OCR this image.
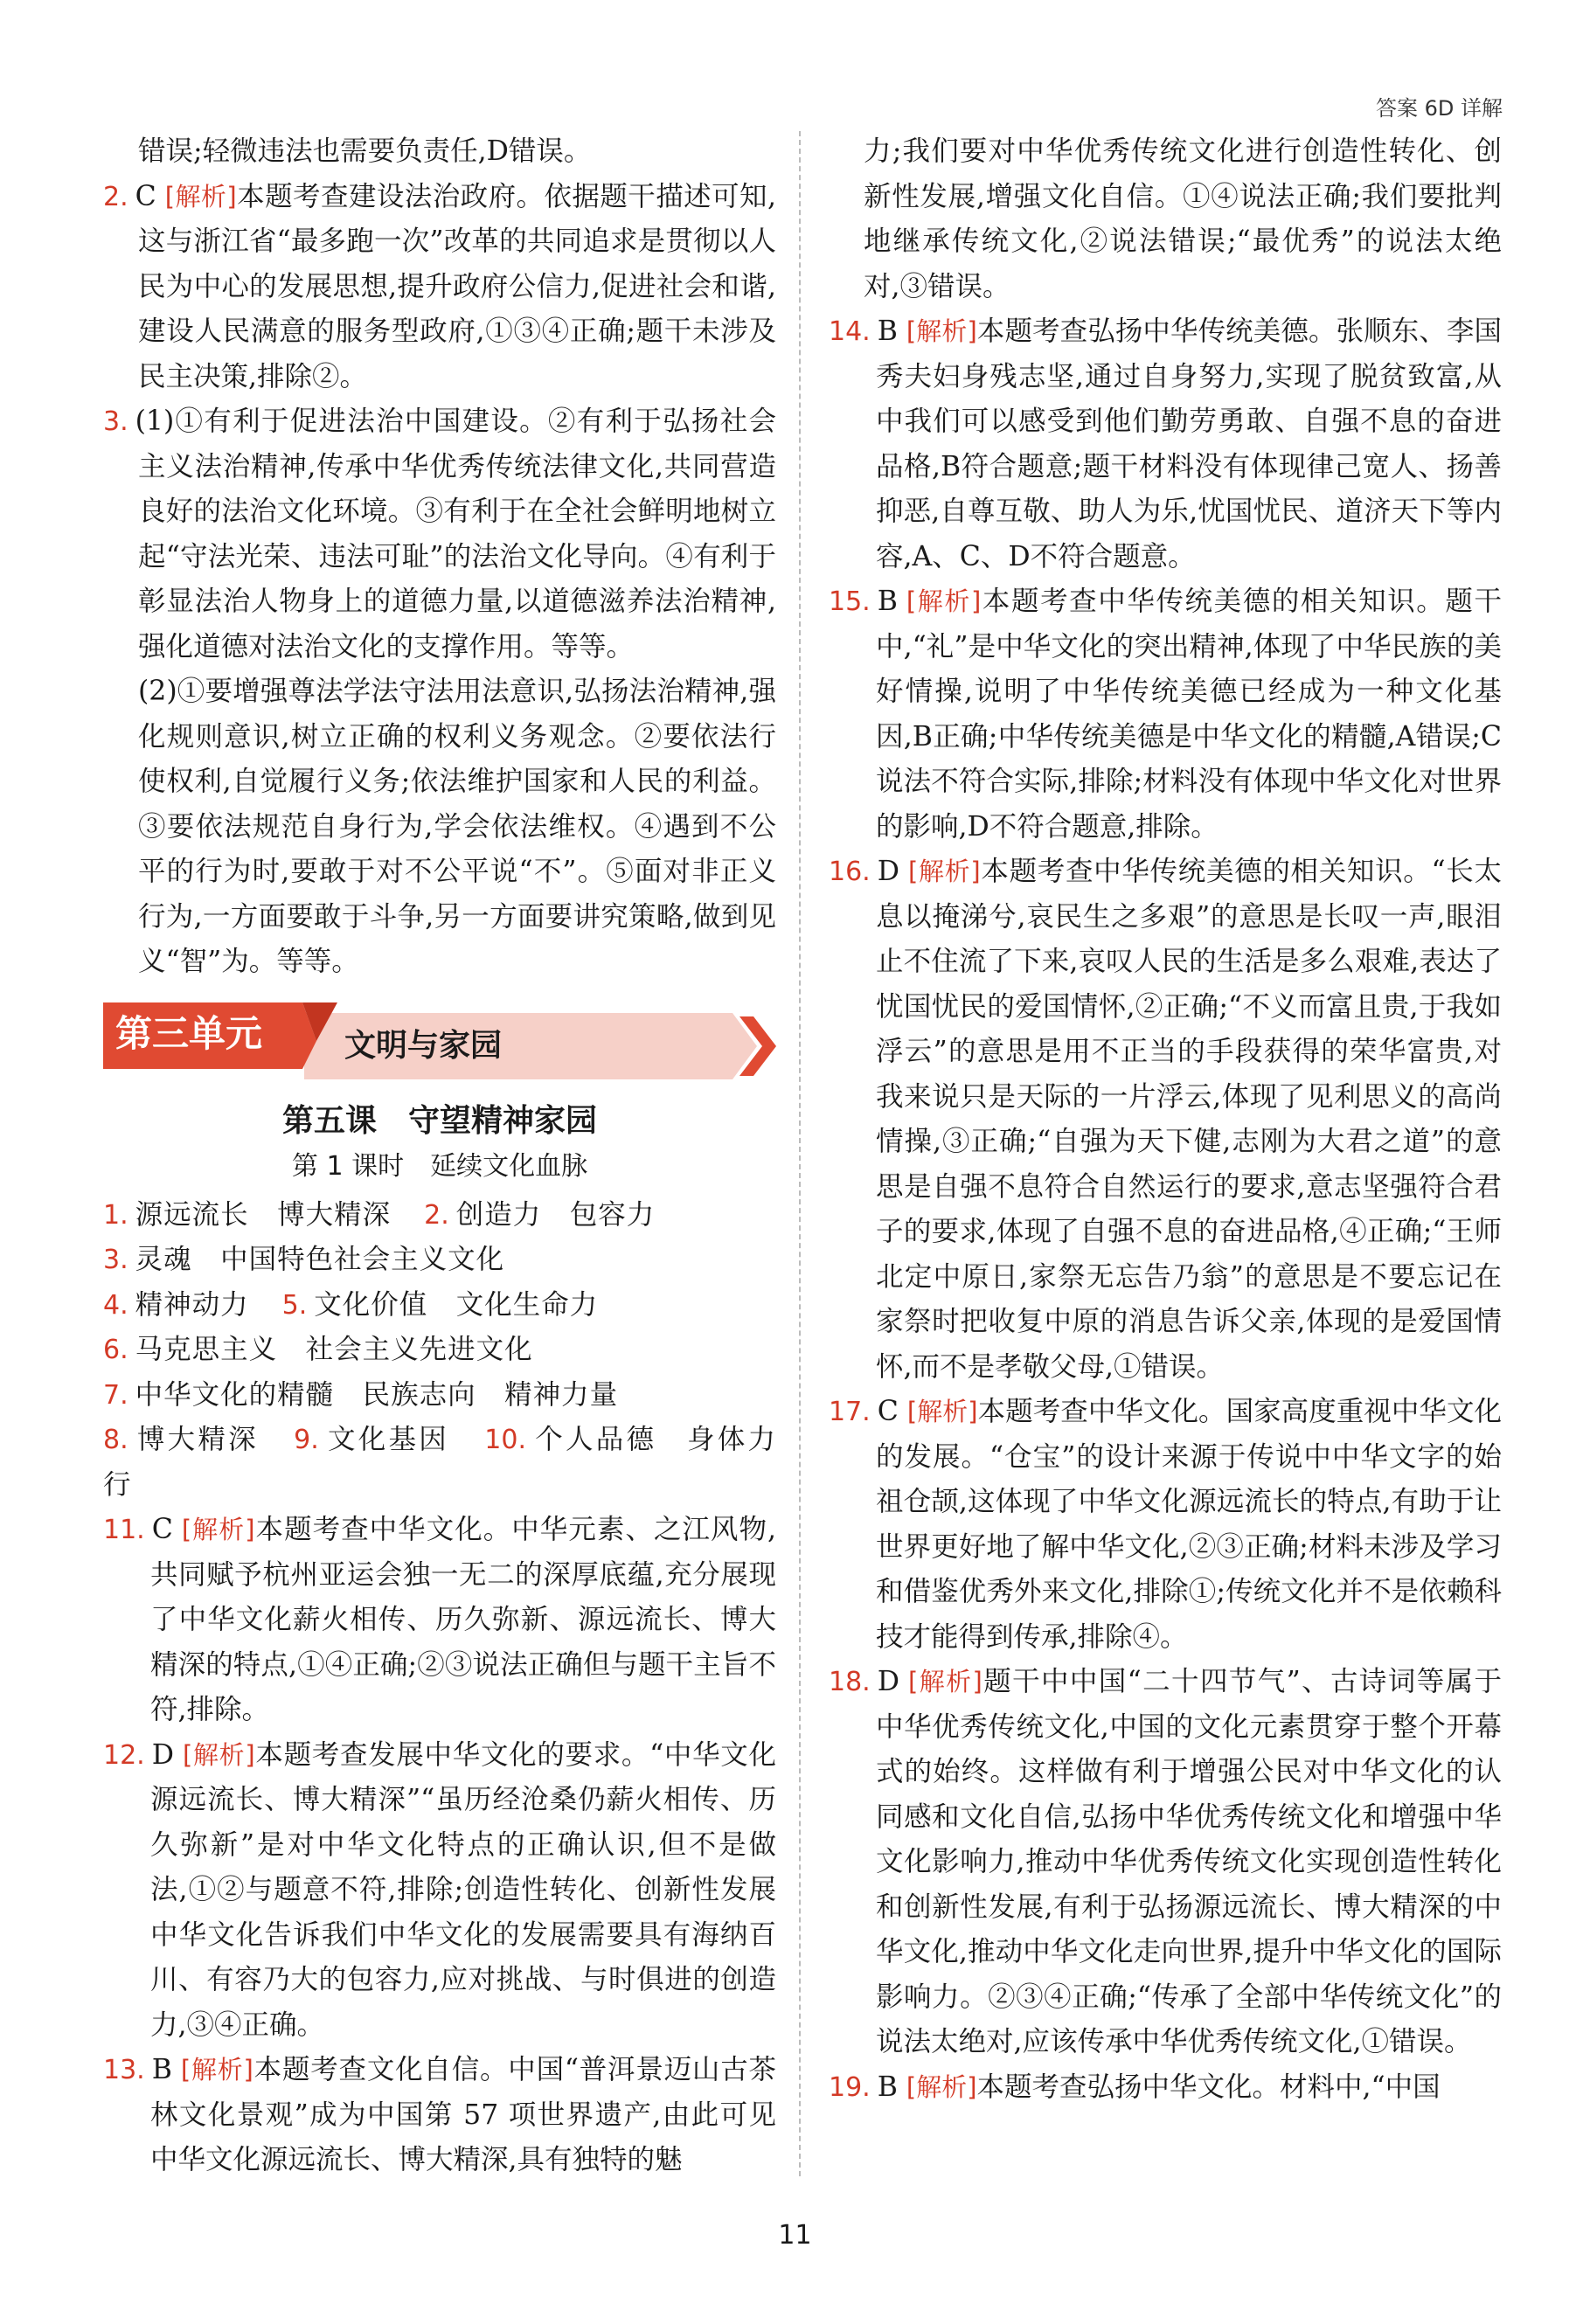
答案 6D 详解

错误;轻微违法也需要负责任,D错误。

2. C [解析]本题考查建设法治政府。依据题干描述可知,这与浙江省“最多跑一次”改革的共同追求是贯彻以人民为中心的发展思想,提升政府公信力,促进社会和谐,建设人民满意的服务型政府,①③④正确;题干未涉及民主决策,排除②。

3. (1)①有利于促进法治中国建设。②有利于弘扬社会主义法治精神,传承中华优秀传统法律文化,共同营造良好的法治文化环境。③有利于在全社会鲜明地树立起“守法光荣、违法可耻”的法治文化导向。④有利于彰显法治人物身上的道德力量,以道德滋养法治精神,强化道德对法治文化的支撑作用。等等。

(2)①要增强尊法学法守法用法意识,弘扬法治精神,强化规则意识,树立正确的权利义务观念。②要依法行使权利,自觉履行义务;依法维护国家和人民的利益。③要依法规范自身行为,学会依法维权。④遇到不公平的行为时,要敢于对不公平说“不”。⑤面对非正义行为,一方面要敢于斗争,另一方面要讲究策略,做到见义“智”为。等等。

第三单元	文明与家园

第五课　守望精神家园

第 1 课时　延续文化血脉

1. 源远流长　博大精深 2. 创造力　包容力

3. 灵魂　中国特色社会主义文化

4. 精神动力 5. 文化价值　文化生命力

6. 马克思主义　社会主义先进文化

7. 中华文化的精髓　民族志向　精神力量

8. 博大精深 9. 文化基因 10. 个人品德　身体力行

11. C [解析]本题考查中华文化。中华元素、之江风物,共同赋予杭州亚运会独一无二的深厚底蕴,充分展现了中华文化薪火相传、历久弥新、源远流长、博大精深的特点,①④正确;②③说法正确但与题干主旨不符,排除。

12. D [解析]本题考查发展中华文化的要求。“中华文化源远流长、博大精深”“虽历经沧桑仍薪火相传、历久弥新”是对中华文化特点的正确认识,但不是做法,①②与题意不符,排除;创造性转化、创新性发展中华文化告诉我们中华文化的发展需要具有海纳百川、有容乃大的包容力,应对挑战、与时俱进的创造力,③④正确。

13. B [解析]本题考查文化自信。中国“普洱景迈山古茶林文化景观”成为中国第 57 项世界遗产,由此可见中华文化源远流长、博大精深,具有独特的魅

力;我们要对中华优秀传统文化进行创造性转化、创新性发展,增强文化自信。①④说法正确;我们要批判地继承传统文化,②说法错误;“最优秀”的说法太绝对,③错误。

14. B [解析]本题考查弘扬中华传统美德。张顺东、李国秀夫妇身残志坚,通过自身努力,实现了脱贫致富,从中我们可以感受到他们勤劳勇敢、自强不息的奋进品格,B符合题意;题干材料没有体现律己宽人、扬善抑恶,自尊互敬、助人为乐,忧国忧民、道济天下等内容,A、C、D不符合题意。

15. B [解析]本题考查中华传统美德的相关知识。题干中,“礼”是中华文化的突出精神,体现了中华民族的美好情操,说明了中华传统美德已经成为一种文化基因,B正确;中华传统美德是中华文化的精髓,A错误;C说法不符合实际,排除;材料没有体现中华文化对世界的影响,D不符合题意,排除。

16. D [解析]本题考查中华传统美德的相关知识。“长太息以掩涕兮,哀民生之多艰”的意思是长叹一声,眼泪止不住流了下来,哀叹人民的生活是多么艰难,表达了忧国忧民的爱国情怀,②正确;“不义而富且贵,于我如浮云”的意思是用不正当的手段获得的荣华富贵,对我来说只是天际的一片浮云,体现了见利思义的高尚情操,③正确;“自强为天下健,志刚为大君之道”的意思是自强不息符合自然运行的要求,意志坚强符合君子的要求,体现了自强不息的奋进品格,④正确;“王师北定中原日,家祭无忘告乃翁”的意思是不要忘记在家祭时把收复中原的消息告诉父亲,体现的是爱国情怀,而不是孝敬父母,①错误。

17. C [解析]本题考查中华文化。国家高度重视中华文化的发展。“仓宝”的设计来源于传说中中华文字的始祖仓颉,这体现了中华文化源远流长的特点,有助于让世界更好地了解中华文化,②③正确;材料未涉及学习和借鉴优秀外来文化,排除①;传统文化并不是依赖科技才能得到传承,排除④。

18. D [解析]题干中中国“二十四节气”、古诗词等属于中华优秀传统文化,中国的文化元素贯穿于整个开幕式的始终。这样做有利于增强公民对中华文化的认同感和文化自信,弘扬中华优秀传统文化和增强中华文化影响力,推动中华优秀传统文化实现创造性转化和创新性发展,有利于弘扬源远流长、博大精深的中华文化,推动中华文化走向世界,提升中华文化的国际影响力。②③④正确;“传承了全部中华传统文化”的说法太绝对,应该传承中华优秀传统文化,①错误。

19. B [解析]本题考查弘扬中华文化。材料中,“中国

11
